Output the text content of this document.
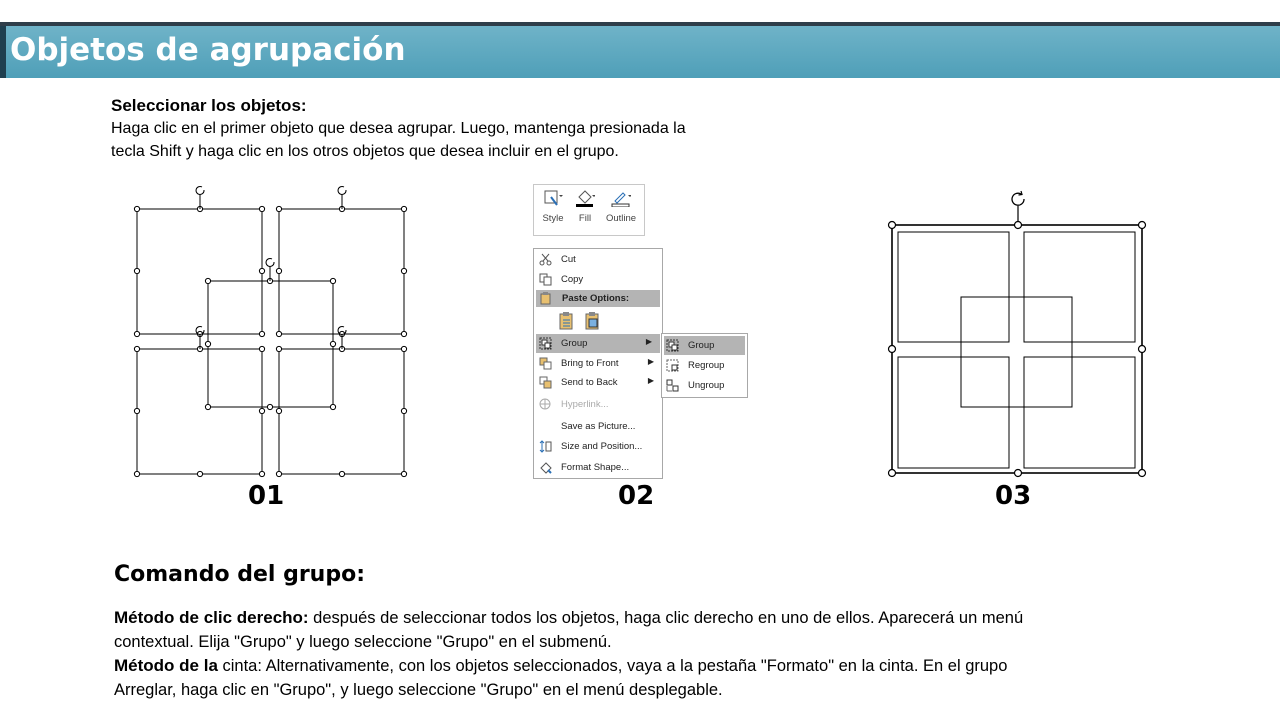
Objetos de agrupación
Seleccionar los objetos:
Haga clic en el primer objeto que desea agrupar. Luego, mantenga presionada la
tecla Shift y haga clic en los otros objetos que desea incluir en el grupo.
01
Style	Fill	Outline
Cut
Copy
Paste Options:
Group	▶
Bring to Front	▶
Send to Back	▶
Hyperlink...
Save as Picture...
Size and Position...
Format Shape...
Group
Regroup
Ungroup
02	03
Comando del grupo:
Método de clic derecho: después de seleccionar todos los objetos, haga clic derecho en uno de ellos. Aparecerá un menú
contextual. Elija "Grupo" y luego seleccione "Grupo" en el submenú.
Método de la cinta: Alternativamente, con los objetos seleccionados, vaya a la pestaña "Formato" en la cinta. En el grupo
Arreglar, haga clic en "Grupo", y luego seleccione "Grupo" en el menú desplegable.
